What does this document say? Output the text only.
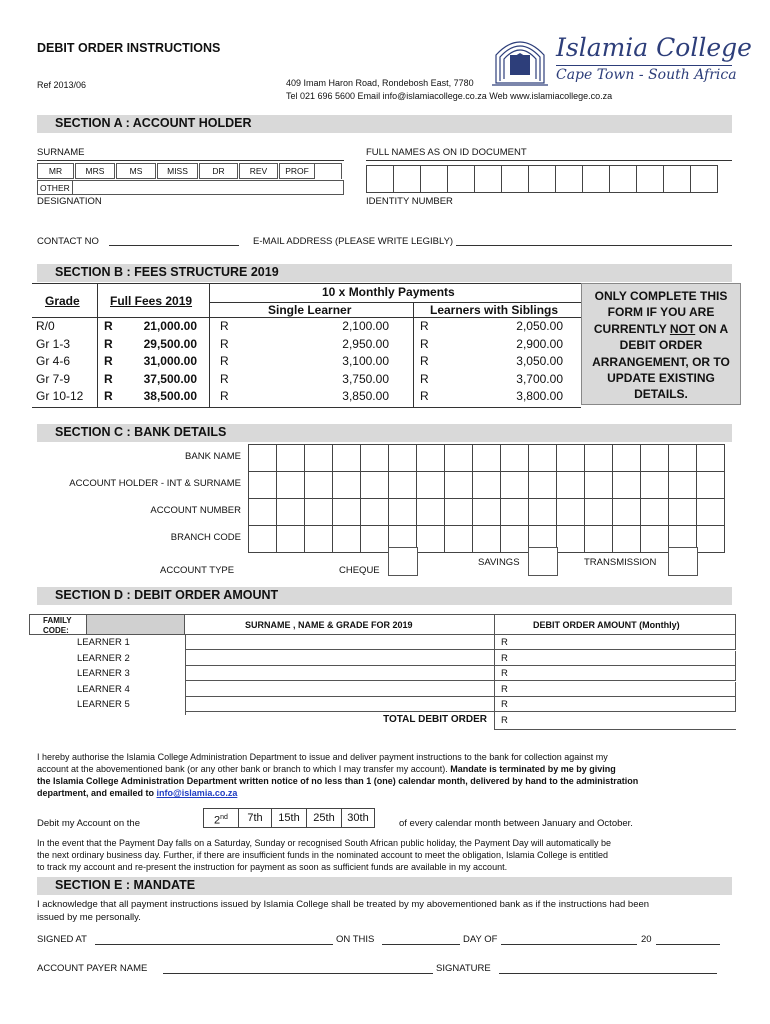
DEBIT ORDER INSTRUCTIONS
Ref 2013/06	409 Imam Haron Road, Rondebosh East, 7780
Tel 021 696 5600 Email info@islamiacollege.co.za Web www.islamiacollege.co.za
Islamia College
Cape Town - South Africa
SECTION A : ACCOUNT HOLDER
SURNAME	FULL NAMES AS ON ID DOCUMENT
MR	MRS	MS	MISS	DR	REV	PROF
OTHER
DESIGNATION	IDENTITY NUMBER
CONTACT NO	E-MAIL ADDRESS (PLEASE WRITE LEGIBLY)
SECTION B : FEES STRUCTURE 2019
Grade	Full Fees 2019
10 x Monthly Payments
Single Learner	Learners with Siblings
R/0	R	21,000.00 R	2,100.00	R	2,050.00
Gr 1-3	R	29,500.00 R	2,950.00	R	2,900.00
Gr 4-6	R	31,000.00 R	3,100.00	R	3,050.00
Gr 7-9	R	37,500.00 R	3,750.00	R	3,700.00
Gr 10-12 R	38,500.00 R	3,850.00	R	3,800.00
ONLY COMPLETE THIS
FORM IF YOU ARE
CURRENTLY NOT ON A
DEBIT ORDER
ARRANGEMENT, OR TO
UPDATE EXISTING
DETAILS.
SECTION C : BANK DETAILS
BANK NAME
ACCOUNT HOLDER - INT & SURNAME
ACCOUNT NUMBER
BRANCH CODE
ACCOUNT TYPE	CHEQUE
SAVINGS	TRANSMISSION
SECTION D : DEBIT ORDER AMOUNT
FAMILY CODE:
SURNAME , NAME & GRADE FOR 2019	DEBIT ORDER AMOUNT (Monthly)
LEARNER 1	R
LEARNER 2	R
LEARNER 3	R
LEARNER 4	R
LEARNER 5	R
TOTAL DEBIT ORDER R
I hereby authorise the Islamia College Administration Department to issue and deliver payment instructions to the bank for collection against my
account at the abovementioned bank (or any other bank or branch to which I may transfer my account). Mandate is terminated by me by giving
the Islamia College Administration Department written notice of no less than 1 (one) calendar month, delivered by hand to the administration
department, and emailed to info@islamia.co.za
Debit my Account on the	2nd	7th	15th	25th	30th	of every calendar month between January and October.
In the event that the Payment Day falls on a Saturday, Sunday or recognised South African public holiday, the Payment Day will automatically be
the next ordinary business day. Further, if there are insufficient funds in the nominated account to meet the obligation, Islamia College is entitled
to track my account and re-present the instruction for payment as soon as sufficient funds are available in my account.
SECTION E : MANDATE
I acknowledge that all payment instructions issued by Islamia College shall be treated by my abovementioned bank as if the instructions had been
issued by me personally.
SIGNED AT	ON THIS	DAY OF	20
ACCOUNT PAYER NAME	SIGNATURE
